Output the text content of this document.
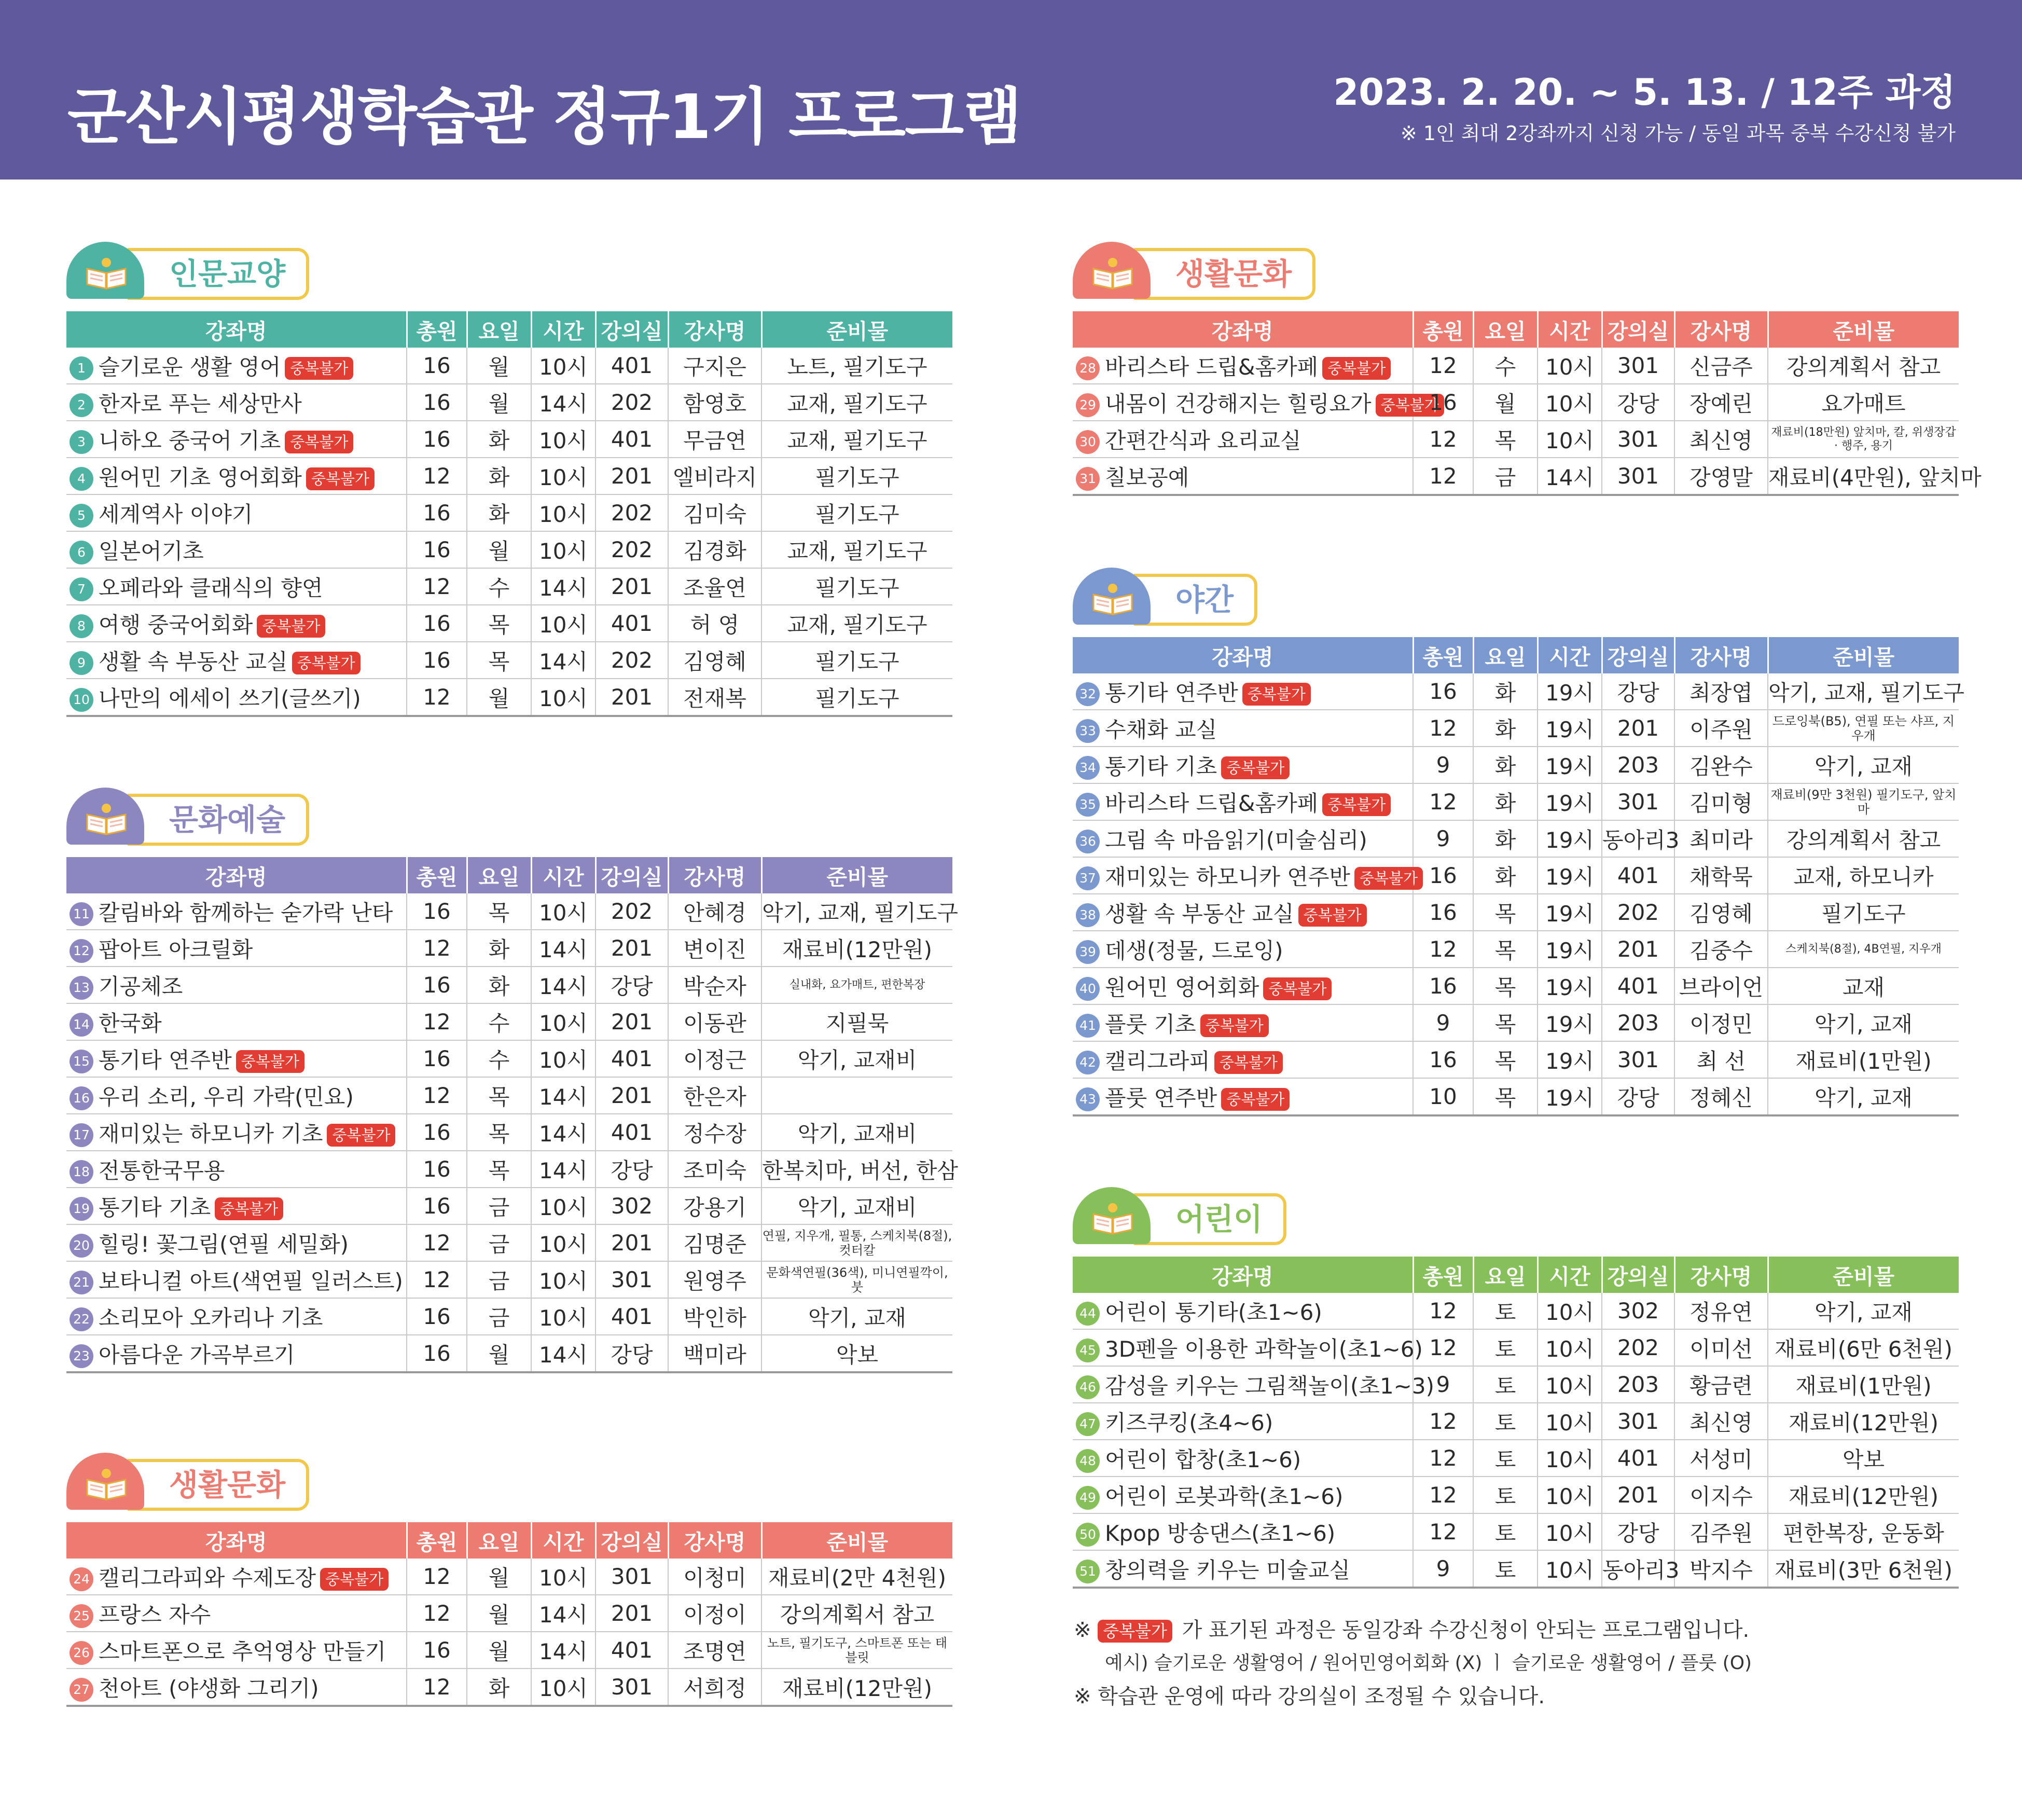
군산시평생학습관 정규1기 프로그램	2023. 2. 20. ~ 5. 13. / 12주 과정
※ 1인 최대 2강좌까지 신청 가능 / 동일 과목 중복 수강신청 불가
인문교양
강좌명	총원	요일	시간	강의실	강사명	준비물
1 슬기로운 생활 영어 중복불가	16	월	10시	401	구지은	노트, 필기도구
2 한자로 푸는 세상만사	16	월	14시	202	함영호	교재, 필기도구
3 니하오 중국어 기초 중복불가	16	화	10시	401	무금연	교재, 필기도구
4 원어민 기초 영어회화 중복불가	12	화	10시	201	엘비라지	필기도구
5 세계역사 이야기	16	화	10시	202	김미숙	필기도구
6 일본어기초	16	월	10시	202	김경화	교재, 필기도구
7 오페라와 클래식의 향연	12	수	14시	201	조율연	필기도구
8 여행 중국어회화 중복불가	16	목	10시	401	허 영	교재, 필기도구
9 생활 속 부동산 교실 중복불가	16	목	14시	202	김영혜	필기도구
10 나만의 에세이 쓰기(글쓰기)	12	월	10시	201	전재복	필기도구
문화예술
강좌명	총원	요일	시간	강의실	강사명	준비물
11 칼림바와 함께하는 숟가락 난타	16	목	10시	202	안혜경	악기, 교재, 필기도구
12 팝아트 아크릴화	12	화	14시	201	변이진	재료비(12만원)
13 기공체조	16	화	14시	강당	박순자	실내화, 요가매트, 편한복장

14 한국화	12	수	10시	201	이동관	지필묵
15 통기타 연주반 중복불가	16	수	10시	401	이정근	악기, 교재비
16 우리 소리, 우리 가락(민요)	12	목	14시	201	한은자	
17 재미있는 하모니카 기초 중복불가	16	목	14시	401	정수장	악기, 교재비
18 전통한국무용	16	목	14시	강당	조미숙	한복치마, 버선, 한삼
19 통기타 기초 중복불가	16	금	10시	302	강용기	악기, 교재비
20 힐링! 꽃그림(연필 세밀화)	12	금	10시	201	김명준	연필, 지우개, 필통, 스케치북(8절), 컷터칼

21 보타니컬 아트(색연필 일러스트)	12	금	10시	301	원영주	문화색연필(36색), 미니연필깍이, 붓

22 소리모아 오카리나 기초	16	금	10시	401	박인하	악기, 교재
23 아름다운 가곡부르기	16	월	14시	강당	백미라	악보
생활문화
강좌명	총원	요일	시간	강의실	강사명	준비물
24 캘리그라피와 수제도장 중복불가	12	월	10시	301	이청미	재료비(2만 4천원)
25 프랑스 자수	12	월	14시	201	이정이	강의계획서 참고
26 스마트폰으로 추억영상 만들기	16	월	14시	401	조명연	노트, 필기도구, 스마트폰 또는 태블릿

27 천아트 (야생화 그리기)	12	화	10시	301	서희정	재료비(12만원)
생활문화
강좌명	총원	요일	시간	강의실	강사명	준비물
28 바리스타 드립&홈카페 중복불가	12	수	10시	301	신금주	강의계획서 참고
29 내몸이 건강해지는 힐링요가 중복불가	16	월	10시	강당	장예린	요가매트
30 간편간식과 요리교실	12	목	10시	301	최신영	재료비(18만원) 앞치마, 칼, 위생장갑 · 행주, 용기

31 칠보공예	12	금	14시	301	강영말	재료비(4만원), 앞치마
야간
강좌명	총원	요일	시간	강의실	강사명	준비물
32 통기타 연주반 중복불가	16	화	19시	강당	최장엽	악기, 교재, 필기도구
33 수채화 교실	12	화	19시	201	이주원	드로잉북(B5), 연필 또는 샤프, 지우개

34 통기타 기초 중복불가	9	화	19시	203	김완수	악기, 교재
35 바리스타 드립&홈카페 중복불가	12	화	19시	301	김미형	재료비(9만 3천원) 필기도구, 앞치마

36 그림 속 마음읽기(미술심리)	9	화	19시	동아리3	최미라	강의계획서 참고
37 재미있는 하모니카 연주반 중복불가	16	화	19시	401	채학묵	교재, 하모니카
38 생활 속 부동산 교실 중복불가	16	목	19시	202	김영혜	필기도구
39 데생(정물, 드로잉)	12	목	19시	201	김중수	스케치북(8절), 4B연필, 지우개

40 원어민 영어회화 중복불가	16	목	19시	401	브라이언	교재
41 플룻 기초 중복불가	9	목	19시	203	이정민	악기, 교재
42 캘리그라피 중복불가	16	목	19시	301	최 선	재료비(1만원)
43 플룻 연주반 중복불가	10	목	19시	강당	정혜신	악기, 교재
어린이
강좌명	총원	요일	시간	강의실	강사명	준비물
44 어린이 통기타(초1~6)	12	토	10시	302	정유연	악기, 교재
45 3D펜을 이용한 과학놀이(초1~6)	12	토	10시	202	이미선	재료비(6만 6천원)
46 감성을 키우는 그림책놀이(초1~3)	9	토	10시	203	황금련	재료비(1만원)
47 키즈쿠킹(초4~6)	12	토	10시	301	최신영	재료비(12만원)
48 어린이 합창(초1~6)	12	토	10시	401	서성미	악보
49 어린이 로봇과학(초1~6)	12	토	10시	201	이지수	재료비(12만원)
50 Kpop 방송댄스(초1~6)	12	토	10시	강당	김주원	편한복장, 운동화
51 창의력을 키우는 미술교실	9	토	10시	동아리3	박지수	재료비(3만 6천원)
※ 중복불가 가 표기된 과정은 동일강좌 수강신청이 안되는 프로그램입니다.
예시) 슬기로운 생활영어 / 원어민영어회화 (X) ㅣ 슬기로운 생활영어 / 플룻 (O)
※ 학습관 운영에 따라 강의실이 조정될 수 있습니다.
